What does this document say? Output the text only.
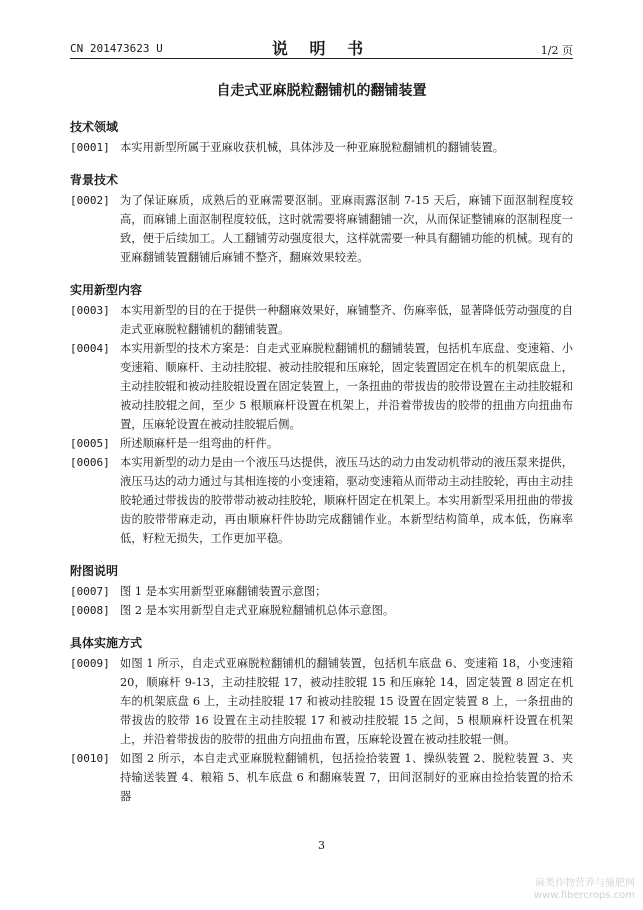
CN 201473623 U	说 明 书	1/2 页
自走式亚麻脱粒翻铺机的翻铺装置
技术领域
[0001] 本实用新型所属于亚麻收获机械，具体涉及一种亚麻脱粒翻铺机的翻铺装置。
背景技术
[0002] 为了保证麻质，成熟后的亚麻需要沤制。亚麻雨露沤制 7-15 天后，麻铺下面沤制程度较高，而麻铺上面沤制程度较低，这时就需要将麻铺翻铺一次，从而保证整铺麻的沤制程度一致，便于后续加工。人工翻铺劳动强度很大，这样就需要一种具有翻铺功能的机械。现有的亚麻翻铺装置翻铺后麻铺不整齐，翻麻效果较差。
实用新型内容
[0003] 本实用新型的目的在于提供一种翻麻效果好，麻铺整齐、伤麻率低，显著降低劳动强度的自走式亚麻脱粒翻铺机的翻铺装置。
[0004] 本实用新型的技术方案是：自走式亚麻脱粒翻铺机的翻铺装置，包括机车底盘、变速箱、小变速箱、顺麻杆、主动挂胶辊、被动挂胶辊和压麻轮，固定装置固定在机车的机架底盘上，主动挂胶辊和被动挂胶辊设置在固定装置上，一条扭曲的带拔齿的胶带设置在主动挂胶辊和被动挂胶辊之间，至少 5 根顺麻杆设置在机架上，并沿着带拔齿的胶带的扭曲方向扭曲布置，压麻轮设置在被动挂胶辊后侧。
[0005] 所述顺麻杆是一组弯曲的杆件。
[0006] 本实用新型的动力是由一个液压马达提供，液压马达的动力由发动机带动的液压泵来提供，液压马达的动力通过与其相连接的小变速箱，驱动变速箱从而带动主动挂胶轮，再由主动挂胶轮通过带拔齿的胶带带动被动挂胶轮，顺麻杆固定在机架上。本实用新型采用扭曲的带拔齿的胶带带麻走动，再由顺麻杆件协助完成翻铺作业。本新型结构简单，成本低，伤麻率低，籽粒无损失，工作更加平稳。
附图说明
[0007] 图 1 是本实用新型亚麻翻铺装置示意图；
[0008] 图 2 是本实用新型自走式亚麻脱粒翻铺机总体示意图。
具体实施方式
[0009] 如图 1 所示，自走式亚麻脱粒翻铺机的翻铺装置，包括机车底盘 6、变速箱 18，小变速箱 20，顺麻杆 9-13，主动挂胶辊 17，被动挂胶辊 15 和压麻轮 14，固定装置 8 固定在机车的机架底盘 6 上，主动挂胶辊 17 和被动挂胶辊 15 设置在固定装置 8 上，一条扭曲的带拔齿的胶带 16 设置在主动挂胶辊 17 和被动挂胶辊 15 之间，5 根顺麻杆设置在机架上，并沿着带拔齿的胶带的扭曲方向扭曲布置，压麻轮设置在被动挂胶辊一侧。
[0010] 如图 2 所示，本自走式亚麻脱粒翻铺机，包括捡拾装置 1、操纵装置 2、脱粒装置 3、夹持输送装置 4、粮箱 5、机车底盘 6 和翻麻装置 7，田间沤制好的亚麻由捡拾装置的拾禾器
3
麻类作物营养与施肥网
www.fibercrops.com
